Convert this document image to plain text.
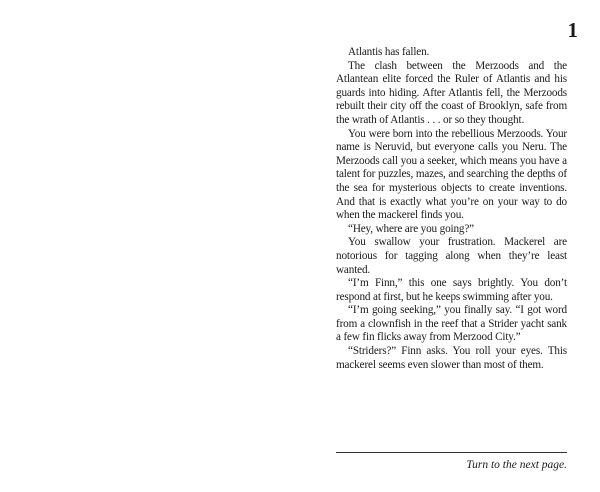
1

Atlantis has fallen.

The clash between the Merzoods and the Atlantean elite forced the Ruler of Atlantis and his guards into hiding. After Atlantis fell, the Merzoods rebuilt their city off the coast of Brooklyn, safe from the wrath of Atlantis . . . or so they thought.

You were born into the rebellious Merzoods. Your name is Neruvid, but everyone calls you Neru. The Merzoods call you a seeker, which means you have a talent for puzzles, mazes, and searching the depths of the sea for mysterious objects to create inventions. And that is exactly what you’re on your way to do when the mackerel finds you.

“Hey, where are you going?”

You swallow your frustration. Mackerel are notorious for tagging along when they’re least wanted.

“I’m Finn,” this one says brightly. You don’t respond at first, but he keeps swimming after you.

“I’m going seeking,” you finally say. “I got word from a clownfish in the reef that a Strider yacht sank a few fin flicks away from Merzood City.”

“Striders?” Finn asks. You roll your eyes. This mackerel seems even slower than most of them.

Turn to the next page.
